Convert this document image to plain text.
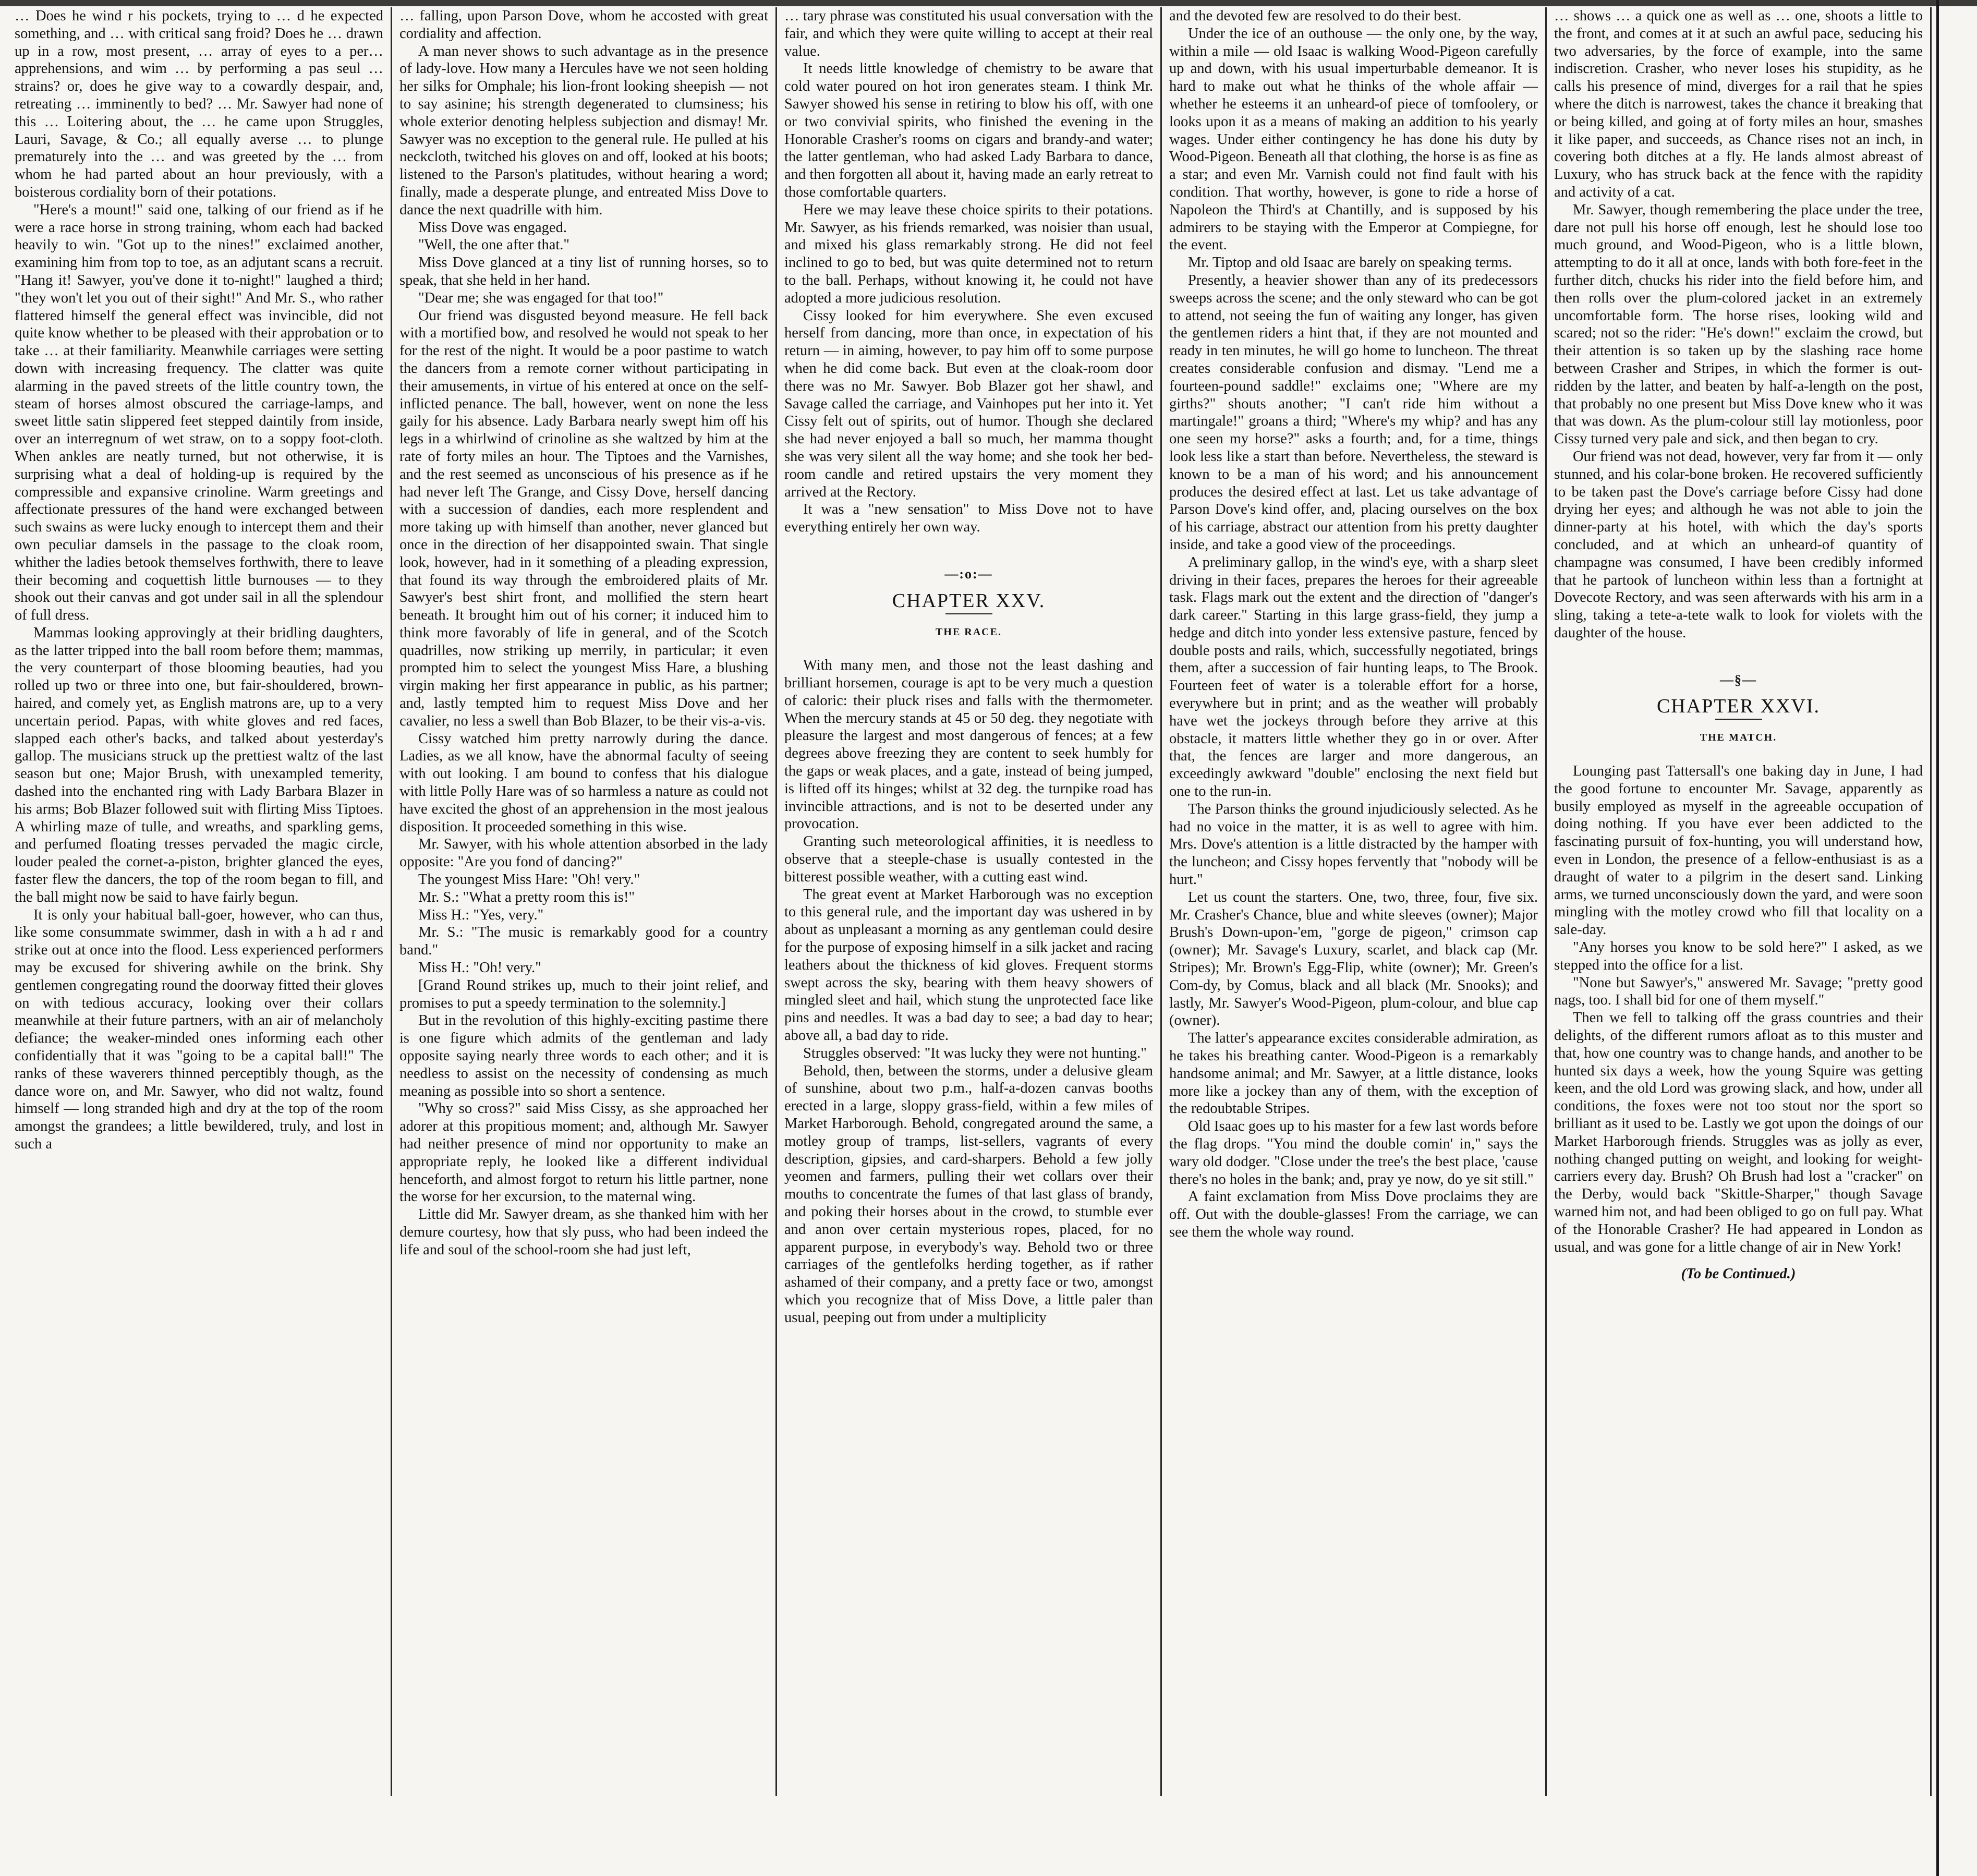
… Does he wind r his pockets, trying to … d he expected something, and … with critical sang froid? Does he … drawn up in a row, most present, … array of eyes to a per… apprehensions, and wim … by performing a pas seul … strains? or, does he give way to a cowardly despair, and, retreating … imminently to bed? … Mr. Sawyer had none of this … Loitering about, the … he came upon Struggles, Lauri, Savage, & Co.; all equally averse … to plunge prematurely into the … and was greeted by the … from whom he had parted about an hour previously, with a boisterous cordiality born of their potations.

"Here's a mount!" said one, talking of our friend as if he were a race horse in strong training, whom each had backed heavily to win. "Got up to the nines!" exclaimed another, examining him from top to toe, as an adjutant scans a recruit. "Hang it! Sawyer, you've done it to-night!" laughed a third; "they won't let you out of their sight!" And Mr. S., who rather flattered himself the general effect was invincible, did not quite know whether to be pleased with their approbation or to take … at their familiarity. Meanwhile carriages were setting down with increasing frequency. The clatter was quite alarming in the paved streets of the little country town, the steam of horses almost obscured the carriage-lamps, and sweet little satin slippered feet stepped daintily from inside, over an interregnum of wet straw, on to a soppy foot-cloth. When ankles are neatly turned, but not otherwise, it is surprising what a deal of holding-up is required by the compressible and expansive crinoline. Warm greetings and affectionate pressures of the hand were exchanged between such swains as were lucky enough to intercept them and their own peculiar damsels in the passage to the cloak room, whither the ladies betook themselves forthwith, there to leave their becoming and coquettish little burnouses — to they shook out their canvas and got under sail in all the splendour of full dress.

Mammas looking approvingly at their bridling daughters, as the latter tripped into the ball room before them; mammas, the very counterpart of those blooming beauties, had you rolled up two or three into one, but fair-shouldered, brown-haired, and comely yet, as English matrons are, up to a very uncertain period. Papas, with white gloves and red faces, slapped each other's backs, and talked about yesterday's gallop. The musicians struck up the prettiest waltz of the last season but one; Major Brush, with unexampled temerity, dashed into the enchanted ring with Lady Barbara Blazer in his arms; Bob Blazer followed suit with flirting Miss Tiptoes. A whirling maze of tulle, and wreaths, and sparkling gems, and perfumed floating tresses pervaded the magic circle, louder pealed the cornet-a-piston, brighter glanced the eyes, faster flew the dancers, the top of the room began to fill, and the ball might now be said to have fairly begun.

It is only your habitual ball-goer, however, who can thus, like some consummate swimmer, dash in with a h ad r and strike out at once into the flood. Less experienced performers may be excused for shivering awhile on the brink. Shy gentlemen congregating round the doorway fitted their gloves on with tedious accuracy, looking over their collars meanwhile at their future partners, with an air of melancholy defiance; the weaker-minded ones informing each other confidentially that it was "going to be a capital ball!" The ranks of these waverers thinned perceptibly though, as the dance wore on, and Mr. Sawyer, who did not waltz, found himself — long stranded high and dry at the top of the room amongst the grandees; a little bewildered, truly, and lost in such a

… falling, upon Parson Dove, whom he accosted with great cordiality and affection.

A man never shows to such advantage as in the presence of lady-love. How many a Hercules have we not seen holding her silks for Omphale; his lion-front looking sheepish — not to say asinine; his strength degenerated to clumsiness; his whole exterior denoting helpless subjection and dismay! Mr. Sawyer was no exception to the general rule. He pulled at his neckcloth, twitched his gloves on and off, looked at his boots; listened to the Parson's platitudes, without hearing a word; finally, made a desperate plunge, and entreated Miss Dove to dance the next quadrille with him.

Miss Dove was engaged.

"Well, the one after that."

Miss Dove glanced at a tiny list of running horses, so to speak, that she held in her hand.

"Dear me; she was engaged for that too!"

Our friend was disgusted beyond measure. He fell back with a mortified bow, and resolved he would not speak to her for the rest of the night. It would be a poor pastime to watch the dancers from a remote corner without participating in their amusements, in virtue of his entered at once on the self-inflicted penance. The ball, however, went on none the less gaily for his absence. Lady Barbara nearly swept him off his legs in a whirlwind of crinoline as she waltzed by him at the rate of forty miles an hour. The Tiptoes and the Varnishes, and the rest seemed as unconscious of his presence as if he had never left The Grange, and Cissy Dove, herself dancing with a succession of dandies, each more resplendent and more taking up with himself than another, never glanced but once in the direction of her disappointed swain. That single look, however, had in it something of a pleading expression, that found its way through the embroidered plaits of Mr. Sawyer's best shirt front, and mollified the stern heart beneath. It brought him out of his corner; it induced him to think more favorably of life in general, and of the Scotch quadrilles, now striking up merrily, in particular; it even prompted him to select the youngest Miss Hare, a blushing virgin making her first appearance in public, as his partner; and, lastly tempted him to request Miss Dove and her cavalier, no less a swell than Bob Blazer, to be their vis-a-vis.

Cissy watched him pretty narrowly during the dance. Ladies, as we all know, have the abnormal faculty of seeing with out looking. I am bound to confess that his dialogue with little Polly Hare was of so harmless a nature as could not have excited the ghost of an apprehension in the most jealous disposition. It proceeded something in this wise.

Mr. Sawyer, with his whole attention absorbed in the lady opposite: "Are you fond of dancing?"

The youngest Miss Hare: "Oh! very."

Mr. S.: "What a pretty room this is!"

Miss H.: "Yes, very."

Mr. S.: "The music is remarkably good for a country band."

Miss H.: "Oh! very."

[Grand Round strikes up, much to their joint relief, and promises to put a speedy termination to the solemnity.]

But in the revolution of this highly-exciting pastime there is one figure which admits of the gentleman and lady opposite saying nearly three words to each other; and it is needless to assist on the necessity of condensing as much meaning as possible into so short a sentence.

"Why so cross?" said Miss Cissy, as she approached her adorer at this propitious moment; and, although Mr. Sawyer had neither presence of mind nor opportunity to make an appropriate reply, he looked like a different individual henceforth, and almost forgot to return his little partner, none the worse for her excursion, to the maternal wing.

Little did Mr. Sawyer dream, as she thanked him with her demure courtesy, how that sly puss, who had been indeed the life and soul of the school-room she had just left,

… tary phrase was constituted his usual conversation with the fair, and which they were quite willing to accept at their real value.

It needs little knowledge of chemistry to be aware that cold water poured on hot iron generates steam. I think Mr. Sawyer showed his sense in retiring to blow his off, with one or two convivial spirits, who finished the evening in the Honorable Crasher's rooms on cigars and brandy-and water; the latter gentleman, who had asked Lady Barbara to dance, and then forgotten all about it, having made an early retreat to those comfortable quarters.

Here we may leave these choice spirits to their potations. Mr. Sawyer, as his friends remarked, was noisier than usual, and mixed his glass remarkably strong. He did not feel inclined to go to bed, but was quite determined not to return to the ball. Perhaps, without knowing it, he could not have adopted a more judicious resolution.

Cissy looked for him everywhere. She even excused herself from dancing, more than once, in expectation of his return — in aiming, however, to pay him off to some purpose when he did come back. But even at the cloak-room door there was no Mr. Sawyer. Bob Blazer got her shawl, and Savage called the carriage, and Vainhopes put her into it. Yet Cissy felt out of spirits, out of humor. Though she declared she had never enjoyed a ball so much, her mamma thought she was very silent all the way home; and she took her bed-room candle and retired upstairs the very moment they arrived at the Rectory.

It was a "new sensation" to Miss Dove not to have everything entirely her own way.

—:o:—
CHAPTER XXV.
THE RACE.

With many men, and those not the least dashing and brilliant horsemen, courage is apt to be very much a question of caloric: their pluck rises and falls with the thermometer. When the mercury stands at 45 or 50 deg. they negotiate with pleasure the largest and most dangerous of fences; at a few degrees above freezing they are content to seek humbly for the gaps or weak places, and a gate, instead of being jumped, is lifted off its hinges; whilst at 32 deg. the turnpike road has invincible attractions, and is not to be deserted under any provocation.

Granting such meteorological affinities, it is needless to observe that a steeple-chase is usually contested in the bitterest possible weather, with a cutting east wind.

The great event at Market Harborough was no exception to this general rule, and the important day was ushered in by about as unpleasant a morning as any gentleman could desire for the purpose of exposing himself in a silk jacket and racing leathers about the thickness of kid gloves. Frequent storms swept across the sky, bearing with them heavy showers of mingled sleet and hail, which stung the unprotected face like pins and needles. It was a bad day to see; a bad day to hear; above all, a bad day to ride.

Struggles observed: "It was lucky they were not hunting."

Behold, then, between the storms, under a delusive gleam of sunshine, about two p.m., half-a-dozen canvas booths erected in a large, sloppy grass-field, within a few miles of Market Harborough. Behold, congregated around the same, a motley group of tramps, list-sellers, vagrants of every description, gipsies, and card-sharpers. Behold a few jolly yeomen and farmers, pulling their wet collars over their mouths to concentrate the fumes of that last glass of brandy, and poking their horses about in the crowd, to stumble ever and anon over certain mysterious ropes, placed, for no apparent purpose, in everybody's way. Behold two or three carriages of the gentlefolks herding together, as if rather ashamed of their company, and a pretty face or two, amongst which you recognize that of Miss Dove, a little paler than usual, peeping out from under a multiplicity

and the devoted few are resolved to do their best.

Under the ice of an outhouse — the only one, by the way, within a mile — old Isaac is walking Wood-Pigeon carefully up and down, with his usual imperturbable demeanor. It is hard to make out what he thinks of the whole affair — whether he esteems it an unheard-of piece of tomfoolery, or looks upon it as a means of making an addition to his yearly wages. Under either contingency he has done his duty by Wood-Pigeon. Beneath all that clothing, the horse is as fine as a star; and even Mr. Varnish could not find fault with his condition. That worthy, however, is gone to ride a horse of Napoleon the Third's at Chantilly, and is supposed by his admirers to be staying with the Emperor at Compiegne, for the event.

Mr. Tiptop and old Isaac are barely on speaking terms.

Presently, a heavier shower than any of its predecessors sweeps across the scene; and the only steward who can be got to attend, not seeing the fun of waiting any longer, has given the gentlemen riders a hint that, if they are not mounted and ready in ten minutes, he will go home to luncheon. The threat creates considerable confusion and dismay. "Lend me a fourteen-pound saddle!" exclaims one; "Where are my girths?" shouts another; "I can't ride him without a martingale!" groans a third; "Where's my whip? and has any one seen my horse?" asks a fourth; and, for a time, things look less like a start than before. Nevertheless, the steward is known to be a man of his word; and his announcement produces the desired effect at last. Let us take advantage of Parson Dove's kind offer, and, placing ourselves on the box of his carriage, abstract our attention from his pretty daughter inside, and take a good view of the proceedings.

A preliminary gallop, in the wind's eye, with a sharp sleet driving in their faces, prepares the heroes for their agreeable task. Flags mark out the extent and the direction of "danger's dark career." Starting in this large grass-field, they jump a hedge and ditch into yonder less extensive pasture, fenced by double posts and rails, which, successfully negotiated, brings them, after a succession of fair hunting leaps, to The Brook. Fourteen feet of water is a tolerable effort for a horse, everywhere but in print; and as the weather will probably have wet the jockeys through before they arrive at this obstacle, it matters little whether they go in or over. After that, the fences are larger and more dangerous, an exceedingly awkward "double" enclosing the next field but one to the run-in.

The Parson thinks the ground injudiciously selected. As he had no voice in the matter, it is as well to agree with him. Mrs. Dove's attention is a little distracted by the hamper with the luncheon; and Cissy hopes fervently that "nobody will be hurt."

Let us count the starters. One, two, three, four, five six. Mr. Crasher's Chance, blue and white sleeves (owner); Major Brush's Down-upon-'em, "gorge de pigeon," crimson cap (owner); Mr. Savage's Luxury, scarlet, and black cap (Mr. Stripes); Mr. Brown's Egg-Flip, white (owner); Mr. Green's Com-dy, by Comus, black and all black (Mr. Snooks); and lastly, Mr. Sawyer's Wood-Pigeon, plum-colour, and blue cap (owner).

The latter's appearance excites considerable admiration, as he takes his breathing canter. Wood-Pigeon is a remarkably handsome animal; and Mr. Sawyer, at a little distance, looks more like a jockey than any of them, with the exception of the redoubtable Stripes.

Old Isaac goes up to his master for a few last words before the flag drops. "You mind the double comin' in," says the wary old dodger. "Close under the tree's the best place, 'cause there's no holes in the bank; and, pray ye now, do ye sit still."

A faint exclamation from Miss Dove proclaims they are off. Out with the double-glasses! From the carriage, we can see them the whole way round.

… shows … a quick one as well as … one, shoots a little to the front, and comes at it at such an awful pace, seducing his two adversaries, by the force of example, into the same indiscretion. Crasher, who never loses his stupidity, as he calls his presence of mind, diverges for a rail that he spies where the ditch is narrowest, takes the chance it breaking that or being killed, and going at of forty miles an hour, smashes it like paper, and succeeds, as Chance rises not an inch, in covering both ditches at a fly. He lands almost abreast of Luxury, who has struck back at the fence with the rapidity and activity of a cat.

Mr. Sawyer, though remembering the place under the tree, dare not pull his horse off enough, lest he should lose too much ground, and Wood-Pigeon, who is a little blown, attempting to do it all at once, lands with both fore-feet in the further ditch, chucks his rider into the field before him, and then rolls over the plum-colored jacket in an extremely uncomfortable form. The horse rises, looking wild and scared; not so the rider: "He's down!" exclaim the crowd, but their attention is so taken up by the slashing race home between Crasher and Stripes, in which the former is out-ridden by the latter, and beaten by half-a-length on the post, that probably no one present but Miss Dove knew who it was that was down. As the plum-colour still lay motionless, poor Cissy turned very pale and sick, and then began to cry.

Our friend was not dead, however, very far from it — only stunned, and his colar-bone broken. He recovered sufficiently to be taken past the Dove's carriage before Cissy had done drying her eyes; and although he was not able to join the dinner-party at his hotel, with which the day's sports concluded, and at which an unheard-of quantity of champagne was consumed, I have been credibly informed that he partook of luncheon within less than a fortnight at Dovecote Rectory, and was seen afterwards with his arm in a sling, taking a tete-a-tete walk to look for violets with the daughter of the house.

—§—
CHAPTER XXVI.
THE MATCH.

Lounging past Tattersall's one baking day in June, I had the good fortune to encounter Mr. Savage, apparently as busily employed as myself in the agreeable occupation of doing nothing. If you have ever been addicted to the fascinating pursuit of fox-hunting, you will understand how, even in London, the presence of a fellow-enthusiast is as a draught of water to a pilgrim in the desert sand. Linking arms, we turned unconsciously down the yard, and were soon mingling with the motley crowd who fill that locality on a sale-day.

"Any horses you know to be sold here?" I asked, as we stepped into the office for a list.

"None but Sawyer's," answered Mr. Savage; "pretty good nags, too. I shall bid for one of them myself."

Then we fell to talking off the grass countries and their delights, of the different rumors afloat as to this muster and that, how one country was to change hands, and another to be hunted six days a week, how the young Squire was getting keen, and the old Lord was growing slack, and how, under all conditions, the foxes were not too stout nor the sport so brilliant as it used to be. Lastly we got upon the doings of our Market Harborough friends. Struggles was as jolly as ever, nothing changed putting on weight, and looking for weight-carriers every day. Brush? Oh Brush had lost a "cracker" on the Derby, would back "Skittle-Sharper," though Savage warned him not, and had been obliged to go on full pay. What of the Honorable Crasher? He had appeared in London as usual, and was gone for a little change of air in New York!

(To be Continued.)
